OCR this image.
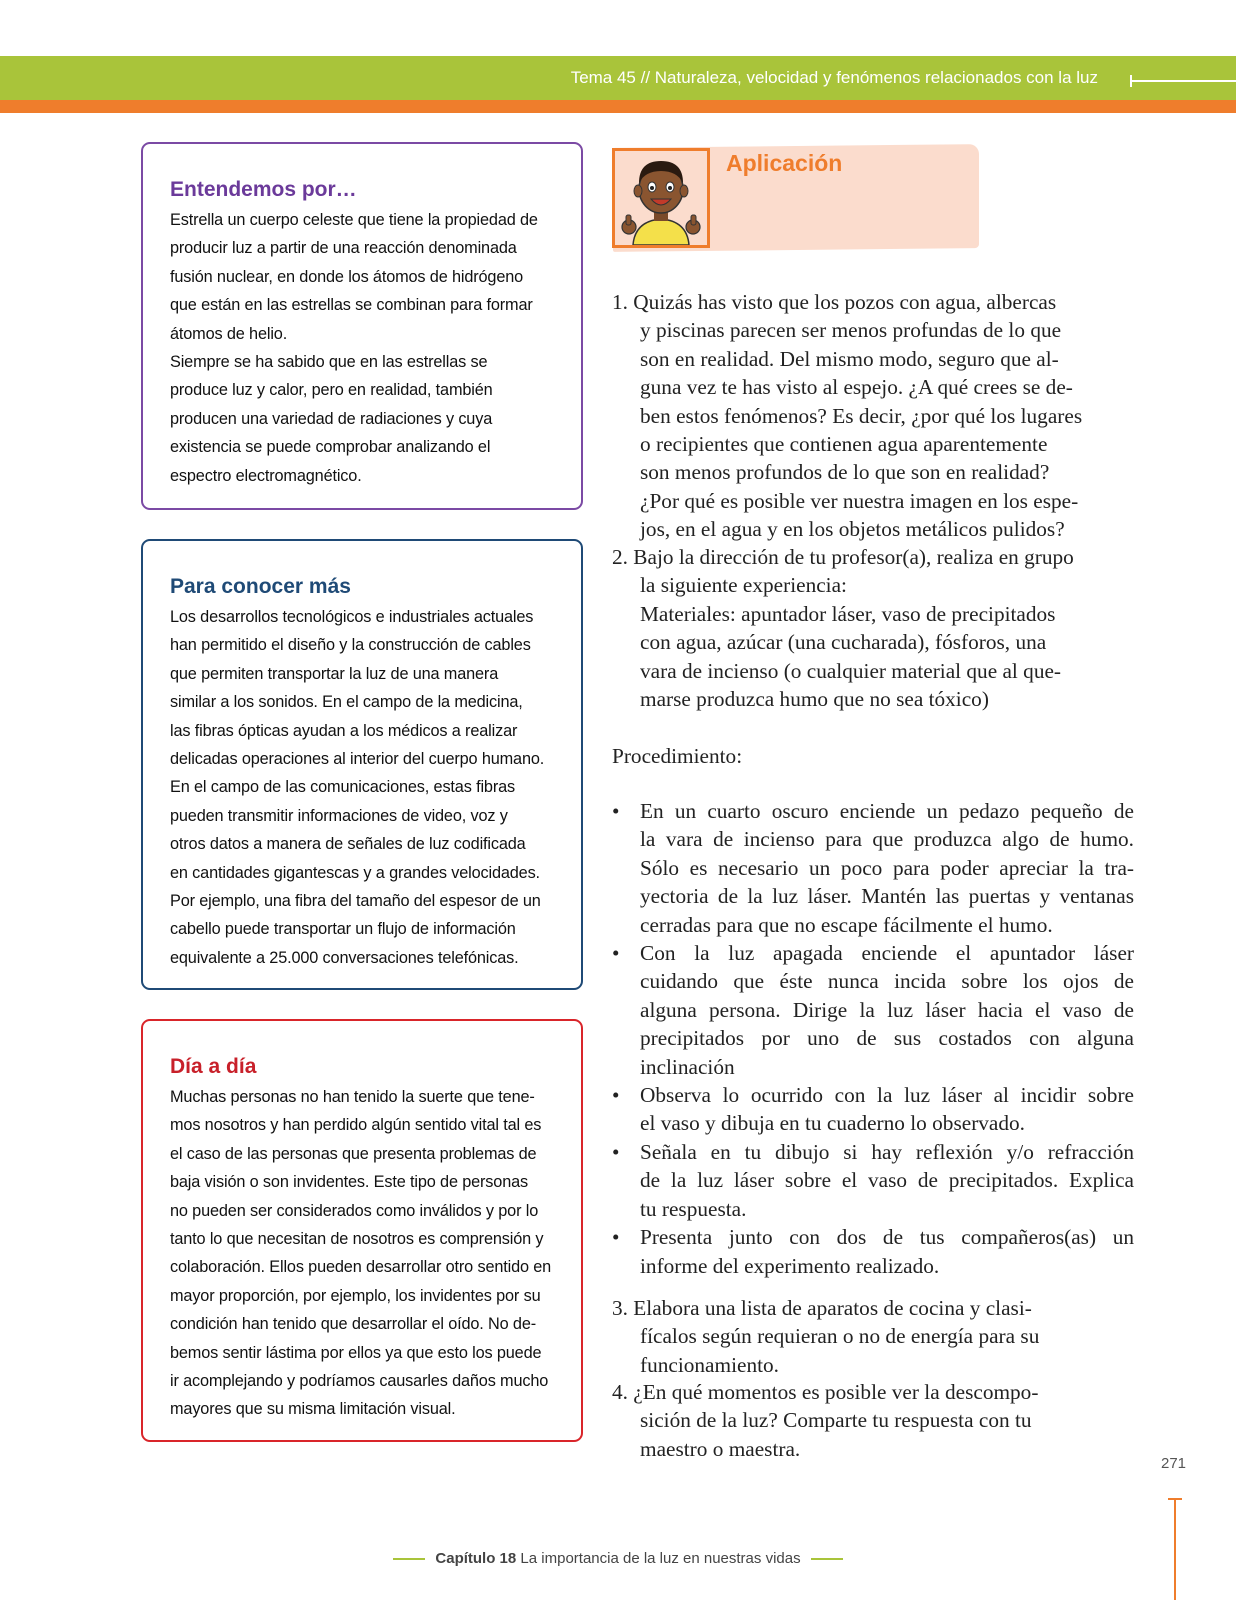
Tema 45 // Naturaleza, velocidad y fenómenos relacionados con la luz
Entendemos por…

Estrella un cuerpo celeste que tiene la propiedad de
producir luz a partir de una reacción denominada
fusión nuclear, en donde los átomos de hidrógeno
que están en las estrellas se combinan para formar
átomos de helio.
Siempre se ha sabido que en las estrellas se
produce luz y calor, pero en realidad, también
producen una variedad de radiaciones y cuya
existencia se puede comprobar analizando el
espectro electromagnético.

Para conocer más

Los desarrollos tecnológicos e industriales actuales
han permitido el diseño y la construcción de cables
que permiten transportar la luz de una manera
similar a los sonidos. En el campo de la medicina,
las fibras ópticas ayudan a los médicos a realizar
delicadas operaciones al interior del cuerpo humano.
En el campo de las comunicaciones, estas fibras
pueden transmitir informaciones de video, voz y
otros datos a manera de señales de luz codificada
en cantidades gigantescas y a grandes velocidades.
Por ejemplo, una fibra del tamaño del espesor de un
cabello puede transportar un flujo de información
equivalente a 25.000 conversaciones telefónicas.

Día a día

Muchas personas no han tenido la suerte que tene-
mos nosotros y han perdido algún sentido vital tal es
el caso de las personas que presenta problemas de
baja visión o son invidentes. Este tipo de personas
no pueden ser considerados como inválidos y por lo
tanto lo que necesitan de nosotros es comprensión y
colaboración. Ellos pueden desarrollar otro sentido en
mayor proporción, por ejemplo, los invidentes por su
condición han tenido que desarrollar el oído. No de-
bemos sentir lástima por ellos ya que esto los puede
ir acomplejando y podríamos causarles daños mucho
mayores que su misma limitación visual.

Aplicación
1. Quizás has visto que los pozos con agua, albercas
y piscinas parecen ser menos profundas de lo que
son en realidad. Del mismo modo, seguro que al-
guna vez te has visto al espejo. ¿A qué crees se de-
ben estos fenómenos? Es decir, ¿por qué los lugares
o recipientes que contienen agua aparentemente
son menos profundos de lo que son en realidad?
¿Por qué es posible ver nuestra imagen en los espe-
jos, en el agua y en los objetos metálicos pulidos?
2. Bajo la dirección de tu profesor(a), realiza en grupo
la siguiente experiencia:
Materiales: apuntador láser, vaso de precipitados
con agua, azúcar (una cucharada), fósforos, una
vara de incienso (o cualquier material que al que-
marse produzca humo que no sea tóxico)
Procedimiento:
• En un cuarto oscuro enciende un pedazo pequeño de
la vara de incienso para que produzca algo de humo.
Sólo es necesario un poco para poder apreciar la tra-
yectoria de la luz láser. Mantén las puertas y ventanas
cerradas para que no escape fácilmente el humo.
• Con la luz apagada enciende el apuntador láser
cuidando que éste nunca incida sobre los ojos de
alguna persona. Dirige la luz láser hacia el vaso de
precipitados por uno de sus costados con alguna
inclinación
• Observa lo ocurrido con la luz láser al incidir sobre
el vaso y dibuja en tu cuaderno lo observado.
• Señala en tu dibujo si hay reflexión y/o refracción
de la luz láser sobre el vaso de precipitados. Explica
tu respuesta.
• Presenta junto con dos de tus compañeros(as) un
informe del experimento realizado.
3. Elabora una lista de aparatos de cocina y clasi-
fícalos según requieran o no de energía para su
funcionamiento.
4. ¿En qué momentos es posible ver la descompo-
sición de la luz? Comparte tu respuesta con tu
maestro o maestra.
271
Capítulo 18 La importancia de la luz en nuestras vidas
